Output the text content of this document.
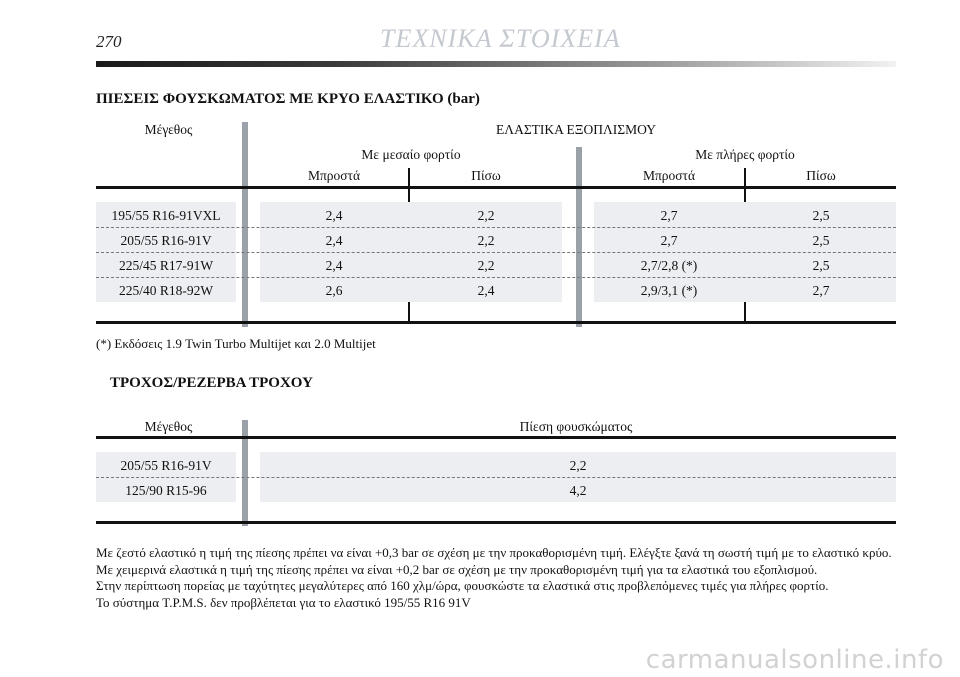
270	ΤΕΧΝΙΚΑ ΣΤΟΙΧΕΙΑ
ΠΙΕΣΕΙΣ ΦΟΥΣΚΩΜΑΤΟΣ ΜΕ ΚΡΥΟ ΕΛΑΣΤΙΚΟ (bar)
Μέγεθος	ΕΛΑΣΤΙΚΑ ΕΞΟΠΛΙΣΜΟΥ
Με μεσαίο φορτίο	Με πλήρες φορτίο
Μπροστά	Πίσω	Μπροστά	Πίσω
195/55 R16-91VXL	2,4	2,2	2,7	2,5
205/55 R16-91V	2,4	2,2	2,7	2,5
225/45 R17-91W	2,4	2,2	2,7/2,8 (*)	2,5
225/40 R18-92W	2,6	2,4	2,9/3,1 (*)	2,7
(*) Εκδόσεις 1.9 Twin Turbo Multijet και 2.0 Multijet
ΤΡΟΧΟΣ/ΡΕΖΕΡΒΑ ΤΡΟΧΟΥ
Μέγεθος	Πίεση φουσκώματος
205/55 R16-91V	2,2
125/90 R15-96	4,2
Με ζεστό ελαστικό η τιμή της πίεσης πρέπει να είναι +0,3 bar σε σχέση με την προκαθορισμένη τιμή. Ελέγξτε ξανά τη σωστή τιμή με το ελαστικό κρύο.
Με χειμερινά ελαστικά η τιμή της πίεσης πρέπει να είναι +0,2 bar σε σχέση με την προκαθορισμένη τιμή για τα ελαστικά του εξοπλισμού.
Στην περίπτωση πορείας με ταχύτητες μεγαλύτερες από 160 χλμ/ώρα, φουσκώστε τα ελαστικά στις προβλεπόμενες τιμές για πλήρες φορτίο.
Το σύστημα T.P.M.S. δεν προβλέπεται για το ελαστικό 195/55 R16 91V
carmanualsonline.info
